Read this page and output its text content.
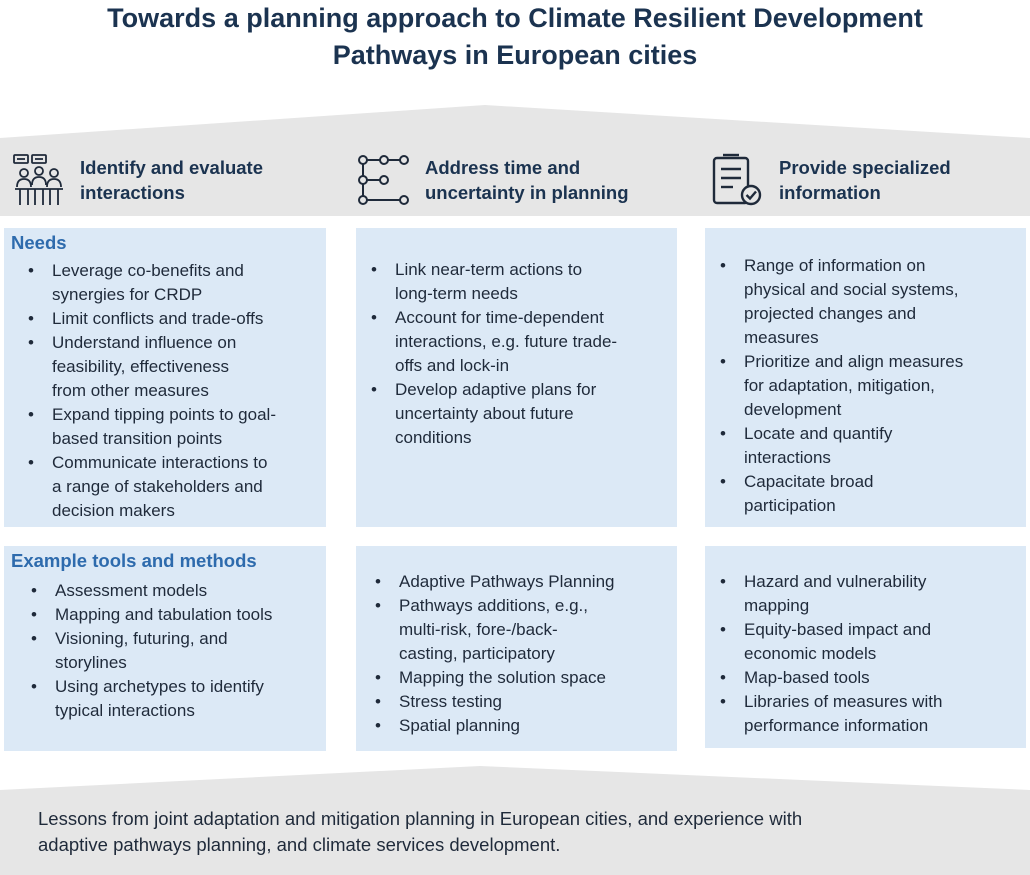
Towards a planning approach to Climate Resilient Development
Pathways in European cities
Identify and evaluate
interactions
Address time and
uncertainty in planning
Provide specialized
information
Needs
• Leverage co-benefits and
synergies for CRDP
• Limit conflicts and trade-offs
• Understand influence on
feasibility, effectiveness
from other measures
• Expand tipping points to goal-
based transition points
• Communicate interactions to
a range of stakeholders and
decision makers
• Link near-term actions to
long-term needs
• Account for time-dependent
interactions, e.g. future trade-
offs and lock-in
• Develop adaptive plans for
uncertainty about future
conditions
• Range of information on
physical and social systems,
projected changes and
measures
• Prioritize and align measures
for adaptation, mitigation,
development
• Locate and quantify
interactions
• Capacitate broad
participation
Example tools and methods
• Assessment models
• Mapping and tabulation tools
• Visioning, futuring, and
storylines
• Using archetypes to identify
typical interactions
• Adaptive Pathways Planning
• Pathways additions, e.g.,
multi-risk, fore-/back-
casting, participatory
• Mapping the solution space
• Stress testing
• Spatial planning
• Hazard and vulnerability
mapping
• Equity-based impact and
economic models
• Map-based tools
• Libraries of measures with
performance information
Lessons from joint adaptation and mitigation planning in European cities, and experience with
adaptive pathways planning, and climate services development.
